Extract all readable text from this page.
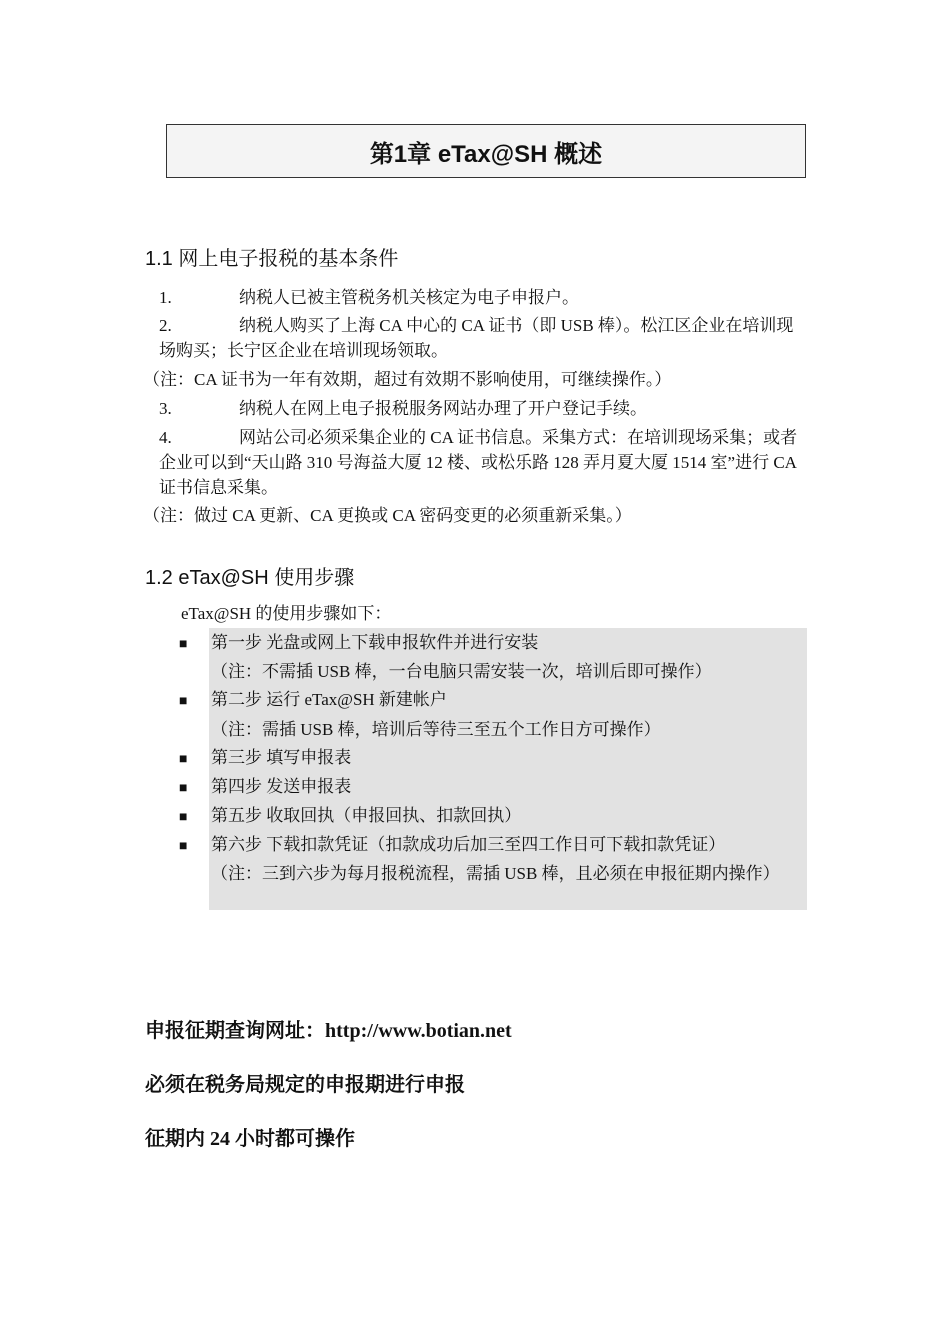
第1章 eTax@SH 概述
1.1 网上电子报税的基本条件
1.	纳税人已被主管税务机关核定为电子申报户。
2.	纳税人购买了上海 CA 中心的 CA 证书（即 USB 棒）。松江区企业在培训现场购买；长宁区企业在培训现场领取。
（注：CA 证书为一年有效期，超过有效期不影响使用，可继续操作。）
3.	纳税人在网上电子报税服务网站办理了开户登记手续。
4.	网站公司必须采集企业的 CA 证书信息。采集方式：在培训现场采集；或者企业可以到“天山路 310 号海益大厦 12 楼、或松乐路 128 弄月夏大厦 1514 室”进行 CA 证书信息采集。
（注：做过 CA 更新、CA 更换或 CA 密码变更的必须重新采集。）
1.2 eTax@SH 使用步骤
eTax@SH 的使用步骤如下：
■ 第一步 光盘或网上下载申报软件并进行安装
（注：不需插 USB 棒，一台电脑只需安装一次，培训后即可操作）
■ 第二步 运行 eTax@SH 新建帐户
（注：需插 USB 棒，培训后等待三至五个工作日方可操作）
■ 第三步 填写申报表
■ 第四步 发送申报表
■ 第五步 收取回执（申报回执、扣款回执）
■ 第六步 下载扣款凭证（扣款成功后加三至四工作日可下载扣款凭证）
（注：三到六步为每月报税流程，需插 USB 棒，且必须在申报征期内操作）
申报征期查询网址：http://www.botian.net
必须在税务局规定的申报期进行申报
征期内 24 小时都可操作
